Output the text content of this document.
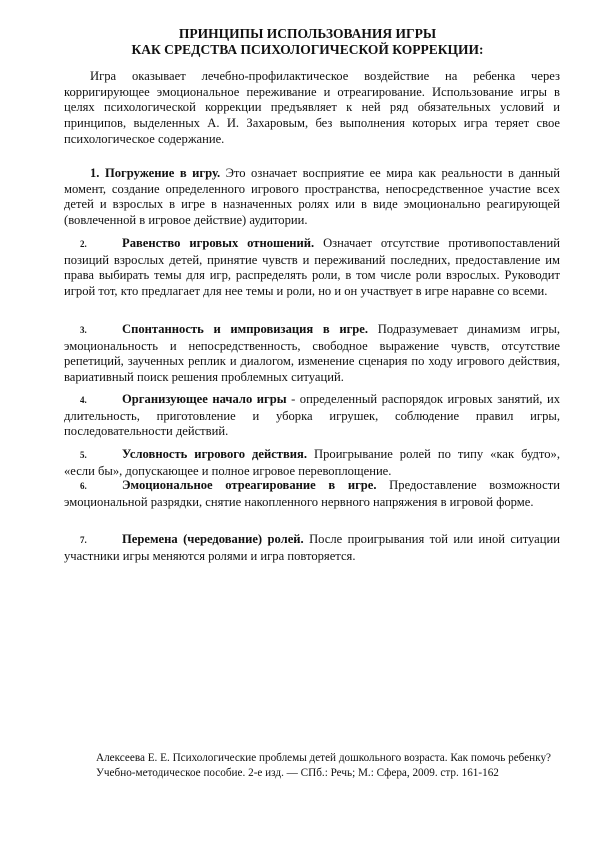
ПРИНЦИПЫ ИСПОЛЬЗОВАНИЯ ИГРЫ
КАК СРЕДСТВА ПСИХОЛОГИЧЕСКОЙ КОРРЕКЦИИ:

Игра оказывает лечебно-профилактическое воздействие на ребенка через корригирующее эмоциональное переживание и отреагирование. Использование игры в целях психологической коррекции предъявляет к ней ряд обязательных условий и принципов, выделенных А. И. Захаровым, без выполнения которых игра теряет свое психологическое содержание.

1. Погружение в игру. Это означает восприятие ее мира как реальности в данный момент, создание определенного игрового пространства, непосредственное участие всех детей и взрослых в игре в назначенных ролях или в виде эмоционально реагирующей (вовлеченной в игровое действие) аудитории.

2.	Равенство игровых отношений. Означает отсутствие противопоставлений позиций взрослых детей, принятие чувств и переживаний последних, предоставление им права выбирать темы для игр, распределять роли, в том числе роли взрослых. Руководит игрой тот, кто предлагает для нее темы и роли, но и он участвует в игре наравне со всеми.

3.	Спонтанность и импровизация в игре. Подразумевает динамизм игры, эмоциональность и непосредственность, свободное выражение чувств, отсутствие репетиций, заученных реплик и диалогом, изменение сценария по ходу игрового действия, вариативный поиск решения проблемных ситуаций.

4.	Организующее начало игры - определенный распорядок игровых занятий, их длительность, приготовление и уборка игрушек, соблюдение правил игры, последовательности действий.

5.	Условность игрового действия. Проигрывание ролей по типу «как будто», «если бы», допускающее и полное игровое перевоплощение.

6.	Эмоциональное отреагирование в игре. Предоставление возможности эмоциональной разрядки, снятие накопленного нервного напряжения в игровой форме.

7.	Перемена (чередование) ролей. После проигрывания той или иной ситуации участники игры меняются ролями и игра повторяется.

Алексеева Е. Е. Психологические проблемы детей дошкольного возраста. Как помочь ребенку?
Учебно-методическое пособие. 2-е изд. — СПб.: Речь; М.: Сфера, 2009. стр. 161-162
